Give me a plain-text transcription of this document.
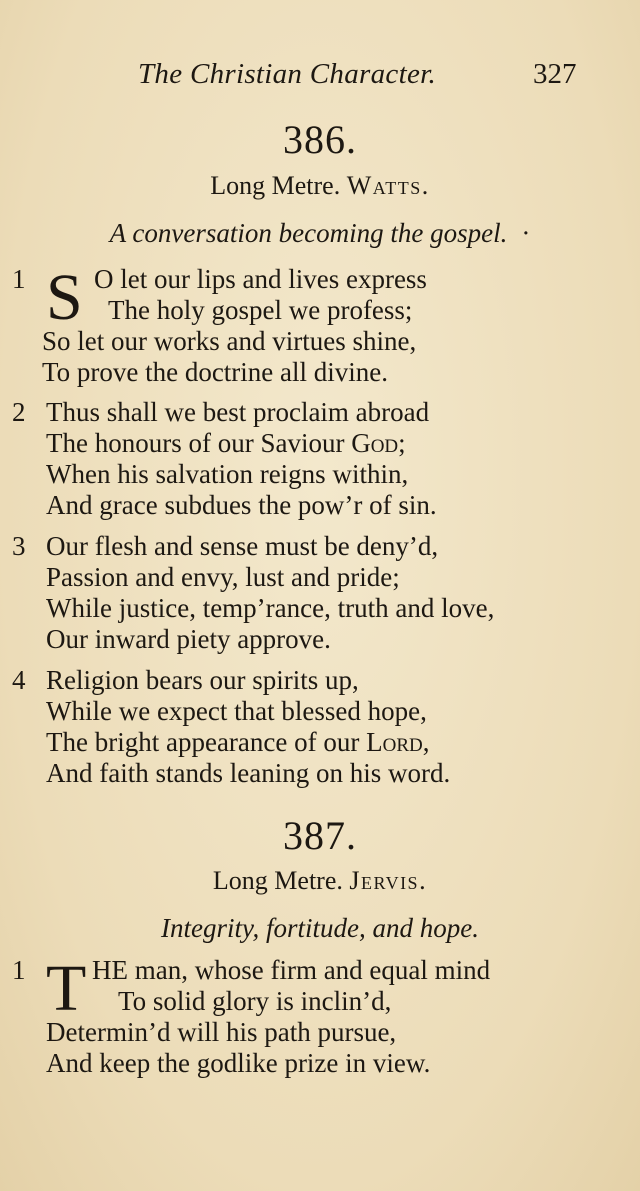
The Christian Character.	327
386.
Long Metre. Watts.
A conversation becoming the gospel. ·
1 S O let our lips and lives express
The holy gospel we profess;
So let our works and virtues shine,
To prove the doctrine all divine.
2 Thus shall we best proclaim abroad
The honours of our Saviour God;
When his salvation reigns within,
And grace subdues the pow’r of sin.
3 Our flesh and sense must be deny’d,
Passion and envy, lust and pride;
While justice, temp’rance, truth and love,
Our inward piety approve.
4 Religion bears our spirits up,
While we expect that blessed hope,
The bright appearance of our Lord,
And faith stands leaning on his word.
387.
Long Metre. Jervis.
Integrity, fortitude, and hope.
1 T HE man, whose firm and equal mind
To solid glory is inclin’d,
Determin’d will his path pursue,
And keep the godlike prize in view.
